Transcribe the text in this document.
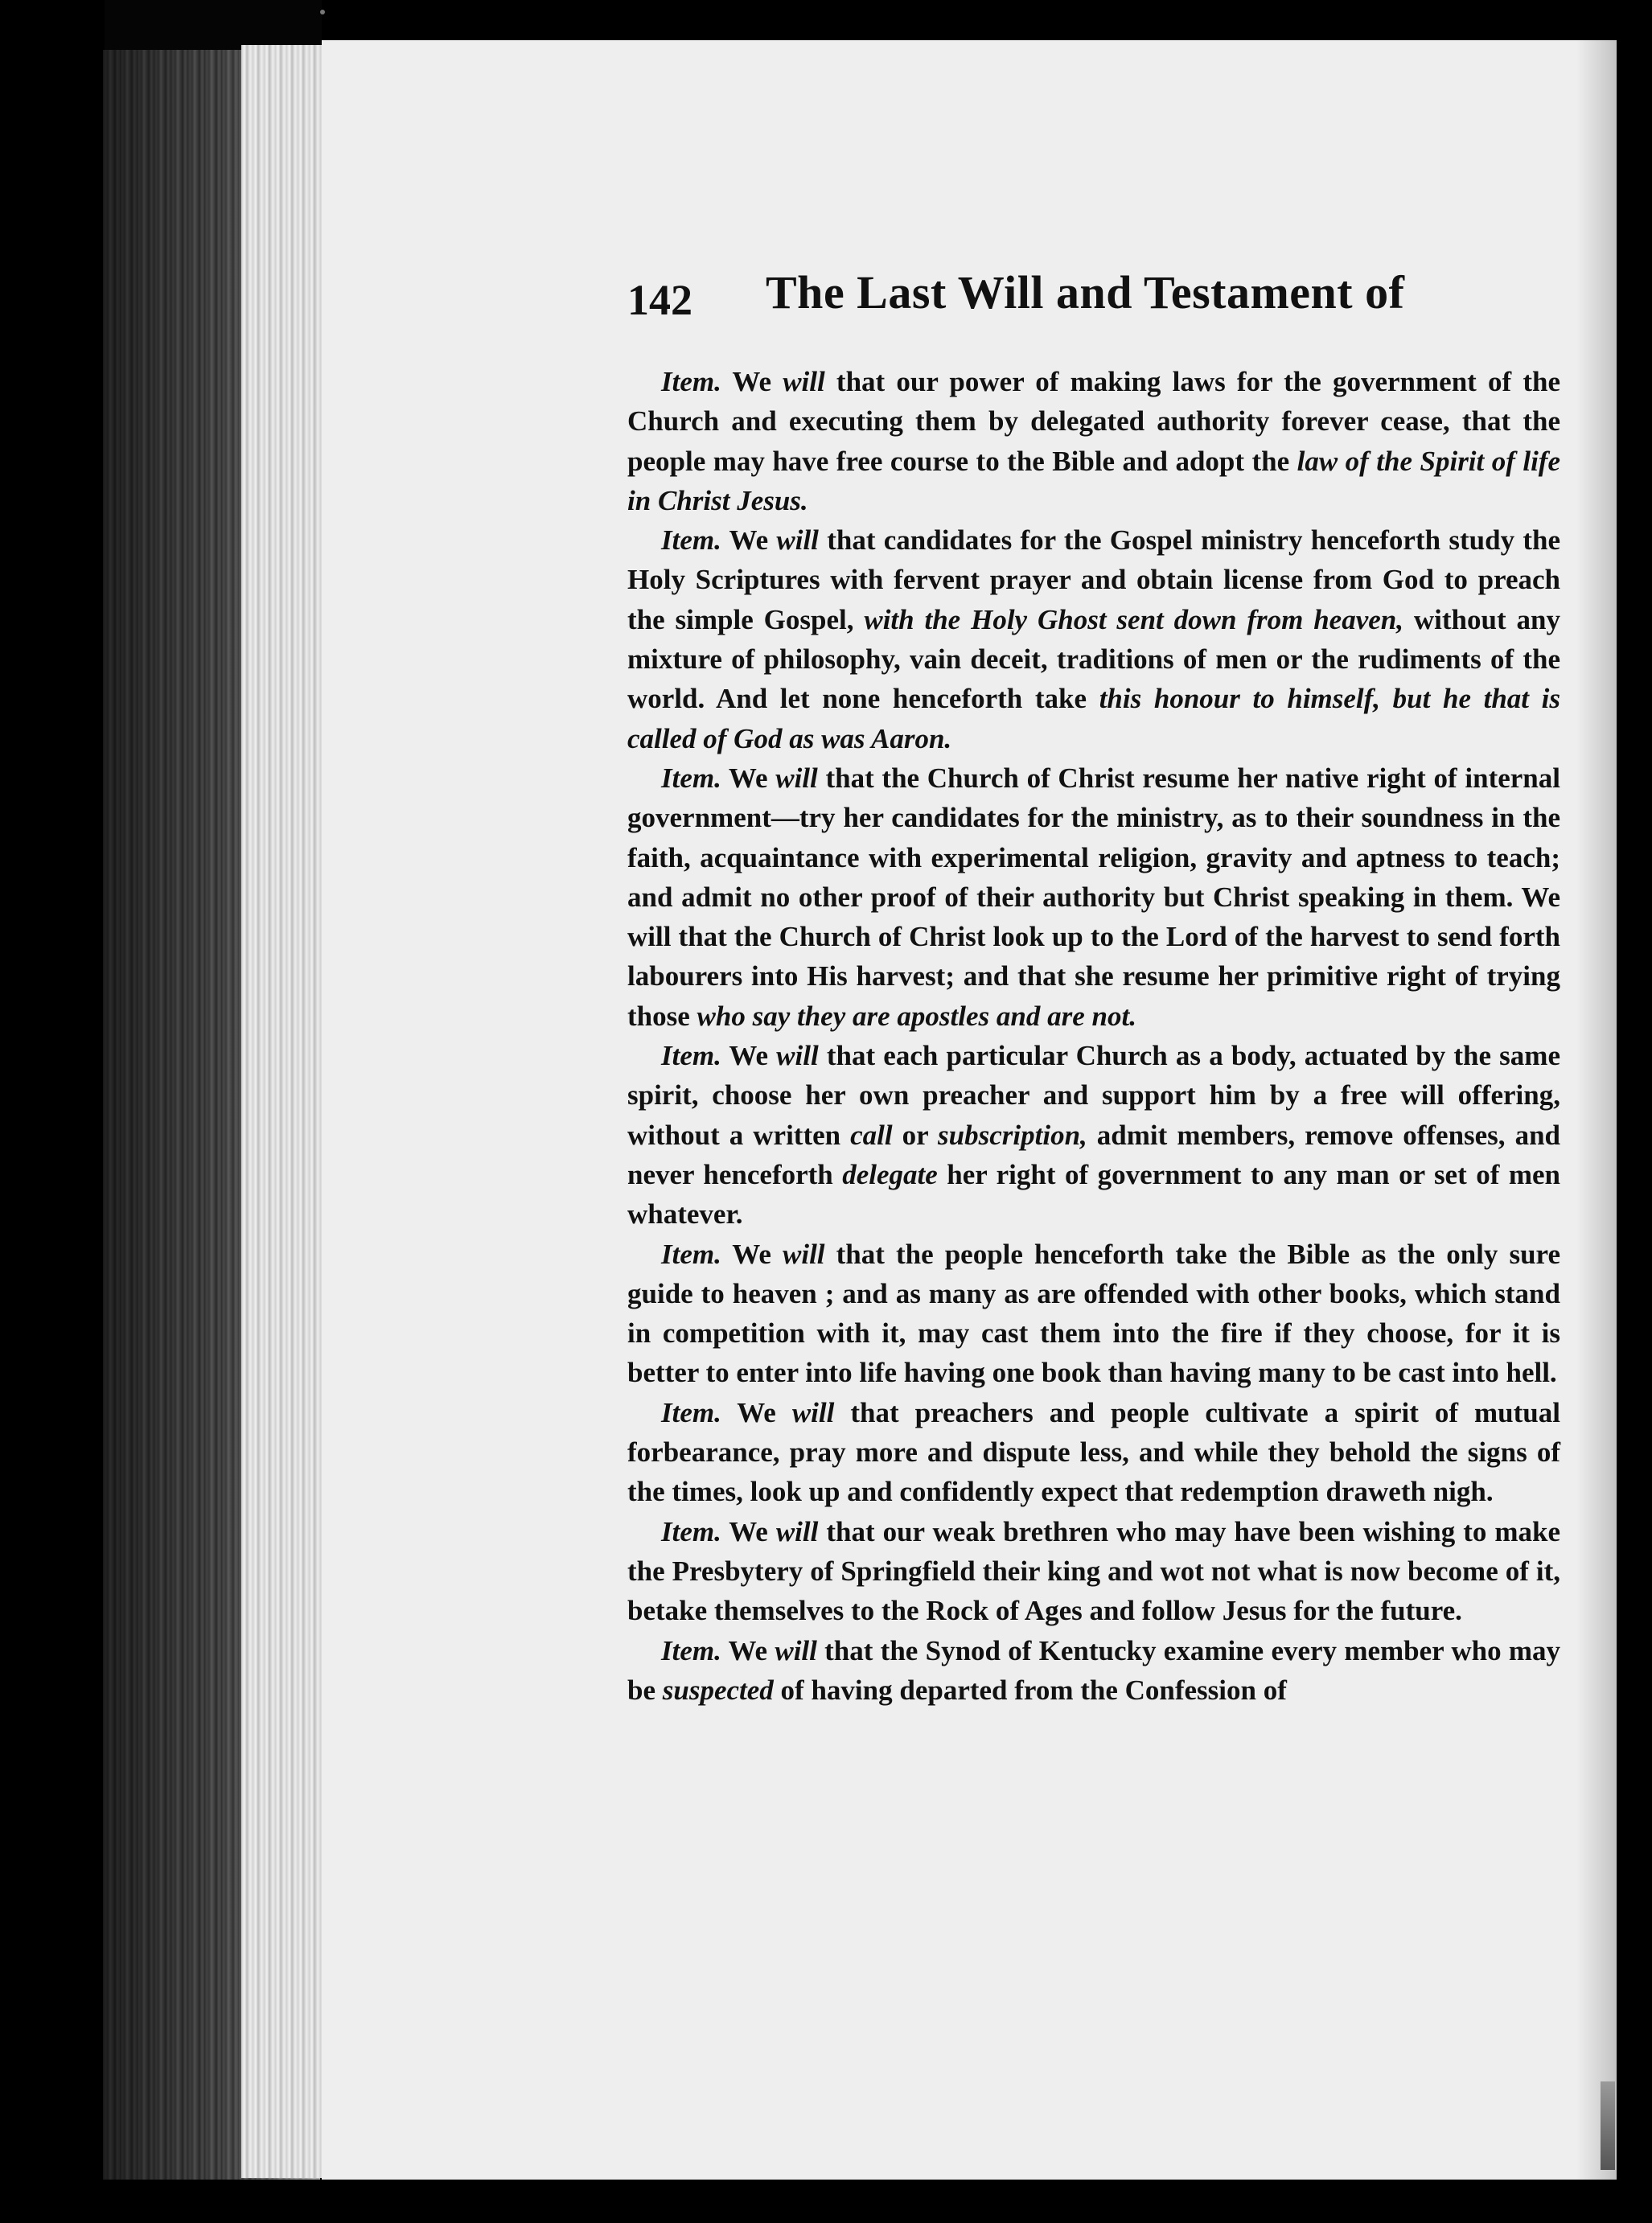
142 The Last Will and Testament of

Item. We will that our power of making laws for the government of the Church and executing them by delegated authority forever cease, that the people may have free course to the Bible and adopt the law of the Spirit of life in Christ Jesus.

Item. We will that candidates for the Gospel ministry henceforth study the Holy Scriptures with fervent prayer and obtain license from God to preach the simple Gospel, with the Holy Ghost sent down from heaven, without any mixture of philosophy, vain deceit, traditions of men or the rudiments of the world. And let none henceforth take this honour to himself, but he that is called of God as was Aaron.

Item. We will that the Church of Christ resume her native right of internal government—try her candidates for the ministry, as to their soundness in the faith, acquaintance with experimental religion, gravity and aptness to teach; and admit no other proof of their authority but Christ speaking in them. We will that the Church of Christ look up to the Lord of the harvest to send forth labourers into His harvest; and that she resume her primitive right of trying those who say they are apostles and are not.

Item. We will that each particular Church as a body, actuated by the same spirit, choose her own preacher and support him by a free will offering, without a written call or subscription, admit members, remove offenses, and never henceforth delegate her right of government to any man or set of men whatever.

Item. We will that the people henceforth take the Bible as the only sure guide to heaven ; and as many as are offended with other books, which stand in competition with it, may cast them into the fire if they choose, for it is better to enter into life having one book than having many to be cast into hell.

Item. We will that preachers and people cultivate a spirit of mutual forbearance, pray more and dispute less, and while they behold the signs of the times, look up and confidently expect that redemption draweth nigh.

Item. We will that our weak brethren who may have been wishing to make the Presbytery of Springfield their king and wot not what is now become of it, betake themselves to the Rock of Ages and follow Jesus for the future.

Item. We will that the Synod of Kentucky examine every member who may be suspected of having departed from the Confession of
